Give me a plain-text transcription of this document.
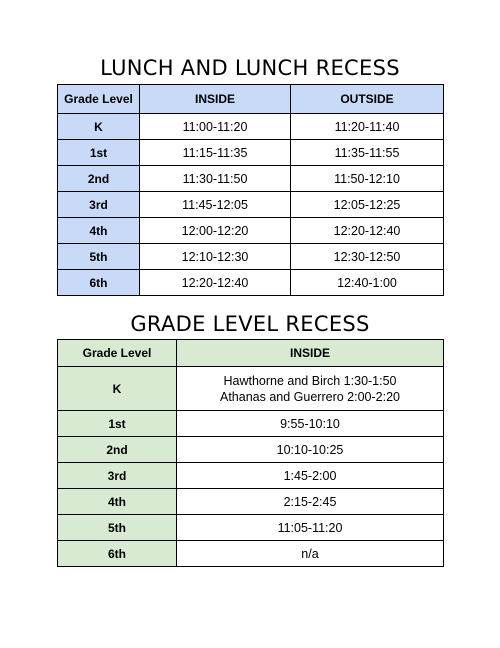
LUNCH AND LUNCH RECESS
Grade Level	INSIDE	OUTSIDE
K	11:00-11:20	11:20-11:40
1st	11:15-11:35	11:35-11:55
2nd	11:30-11:50	11:50-12:10
3rd	11:45-12:05	12:05-12:25
4th	12:00-12:20	12:20-12:40
5th	12:10-12:30	12:30-12:50
6th	12:20-12:40	12:40-1:00
GRADE LEVEL RECESS
Grade Level	INSIDE
K	Hawthorne and Birch 1:30-1:50
Athanas and Guerrero 2:00-2:20

1st	9:55-10:10
2nd	10:10-10:25
3rd	1:45-2:00
4th	2:15-2:45
5th	11:05-11:20
6th	n/a
